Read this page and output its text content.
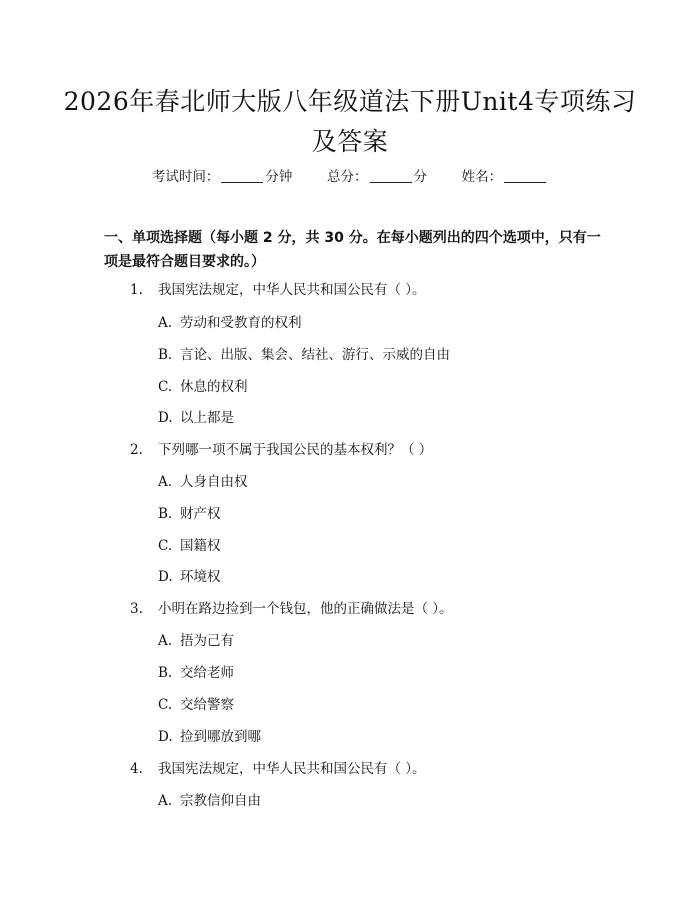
2026年春北师大版八年级道法下册Unit4专项练习及答案
考试时间：	分钟	总分：	分	姓名：
一、单项选择题（每小题 2 分，共 30 分。在每小题列出的四个选项中，只有一项是最符合题目要求的。）
1. 我国宪法规定，中华人民共和国公民有（ ）。
A. 劳动和受教育的权利
B. 言论、出版、集会、结社、游行、示威的自由
C. 休息的权利
D. 以上都是
2. 下列哪一项不属于我国公民的基本权利？（ ）
A. 人身自由权
B. 财产权
C. 国籍权
D. 环境权
3. 小明在路边捡到一个钱包，他的正确做法是（ ）。
A. 捂为己有
B. 交给老师
C. 交给警察
D. 捡到哪放到哪
4. 我国宪法规定，中华人民共和国公民有（ ）。
A. 宗教信仰自由
